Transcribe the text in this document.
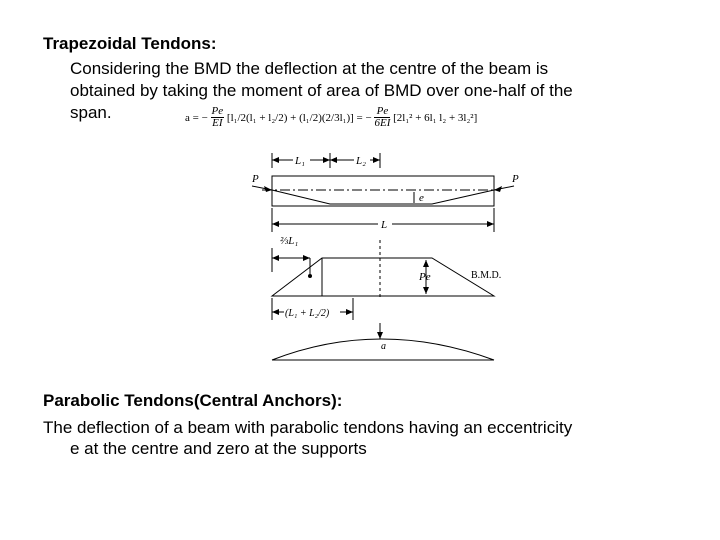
Trapezoidal Tendons:
Considering the BMD the deflection at the centre of the beam is
obtained by taking the moment of area of BMD over one-half of the
span.	a = − $\frac{Pe}{EI} [l_1/2(l_1 + l_2/2) + (l_1/2)(2/3l_1)]$ = − $\frac{Pe}{6EI} [2l_1^2 + 6l_1$ l₂ + 3l₂²]
L₁	L₂
P	P
e
L
⅔L₁
Pe	B.M.D.
(L₁ + L₂/2)
a
Parabolic Tendons(Central Anchors):
The deflection of a beam with parabolic tendons having an eccentricity
e at the centre and zero at the supports
